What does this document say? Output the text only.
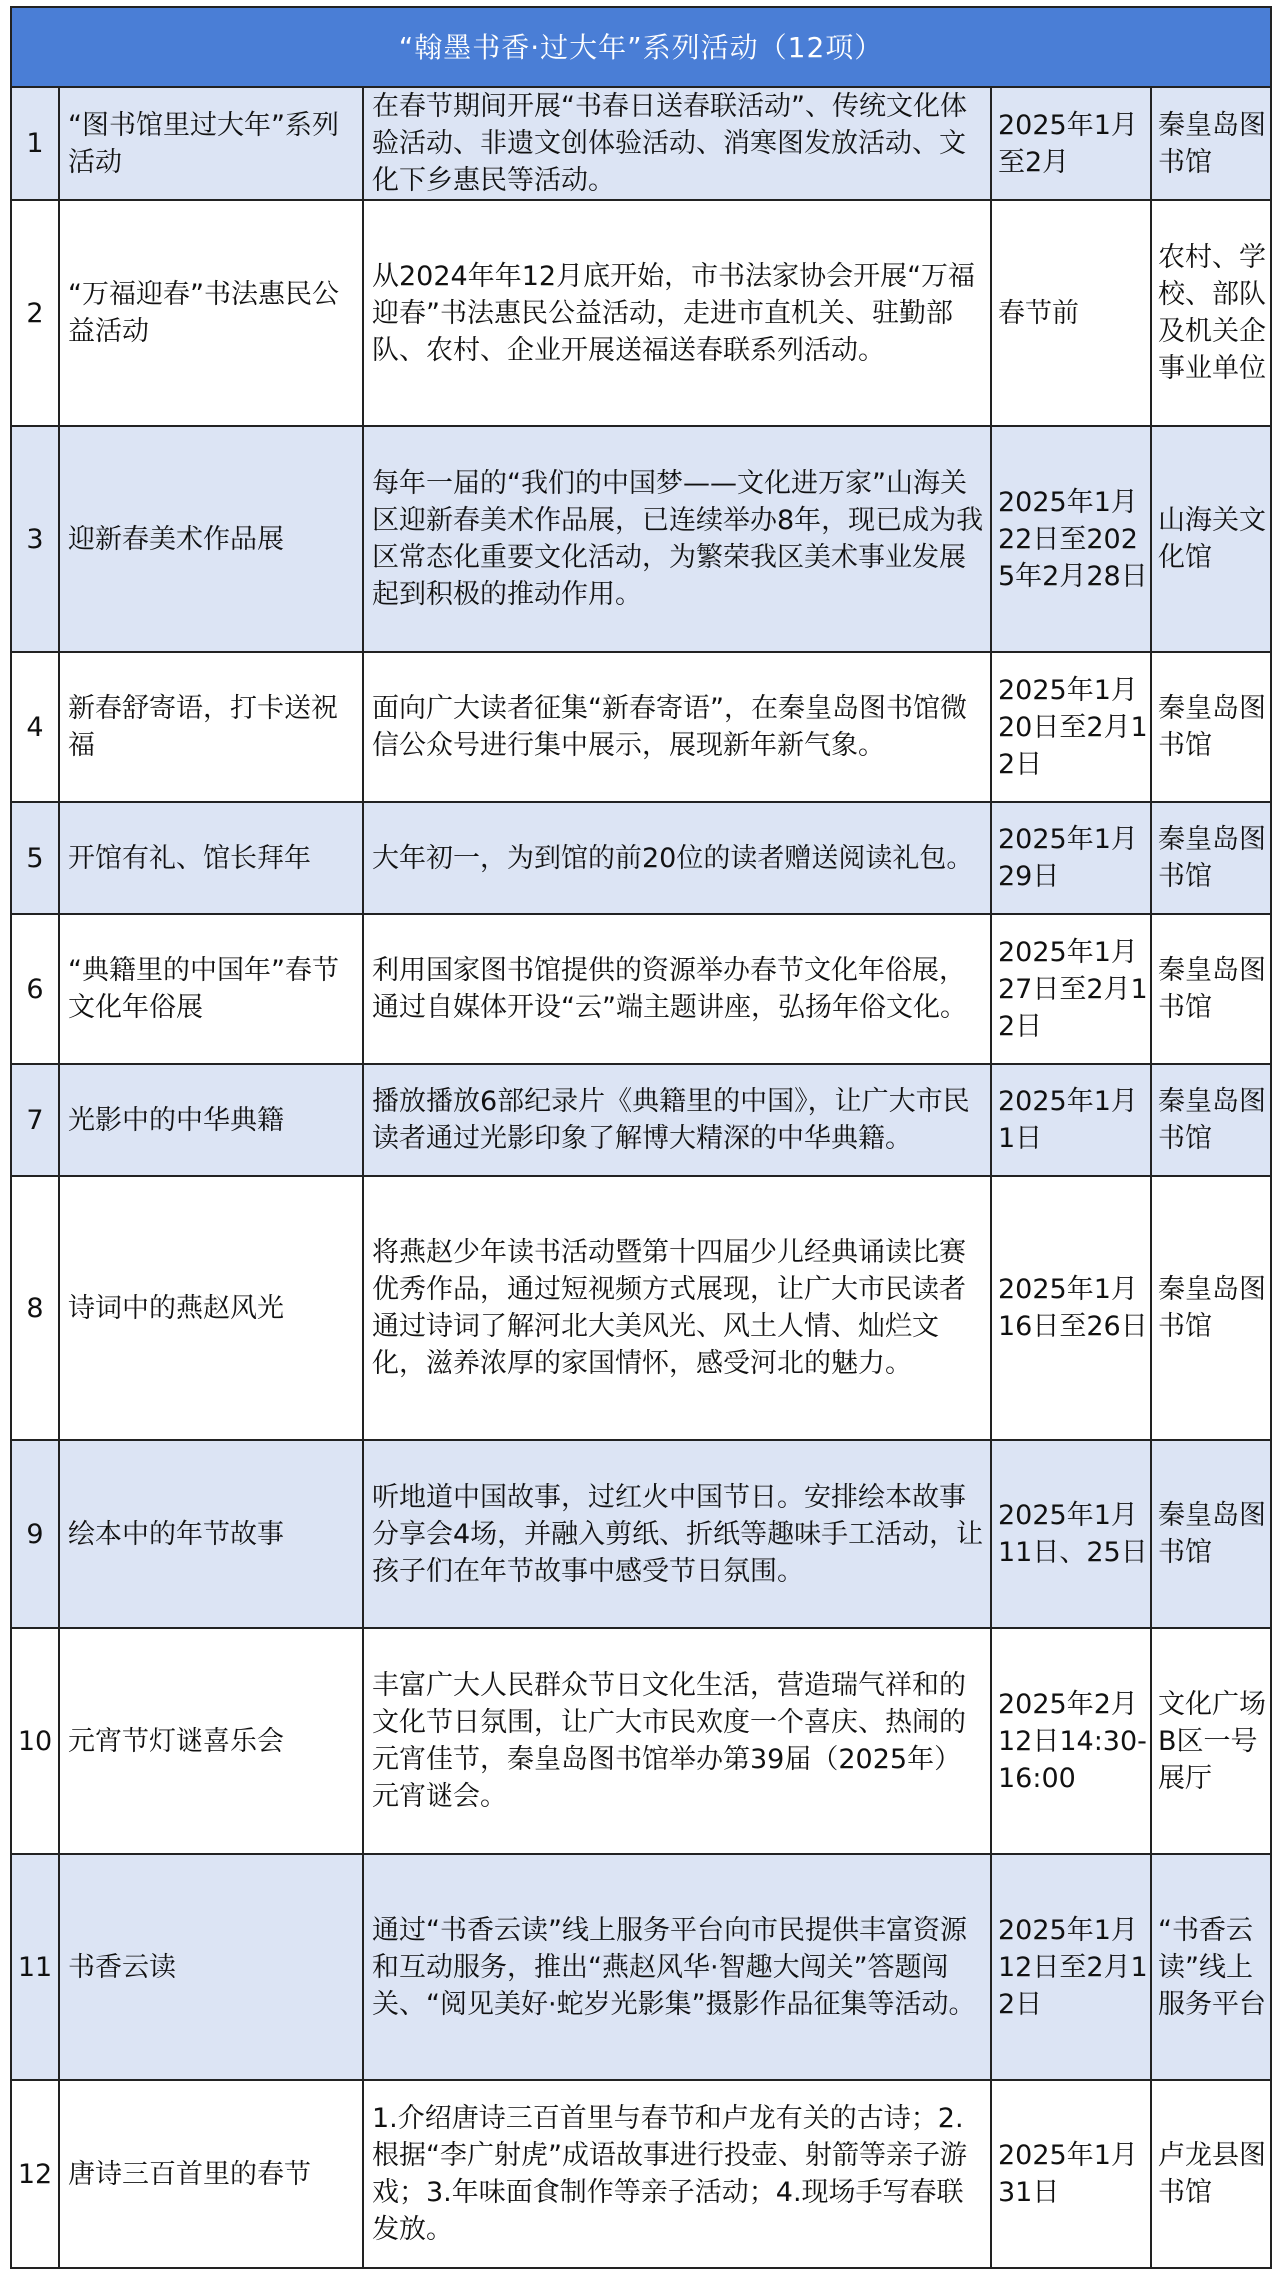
“翰墨书香·过大年”系列活动（12项）				
1	“图书馆里过大年”系列活动	在春节期间开展“书春日送春联活动”、传统文化体验活动、非遗文创体验活动、消寒图发放活动、文化下乡惠民等活动。	2025年1月至2月	秦皇岛图书馆
2	“万福迎春”书法惠民公益活动	从2024年年12月底开始，市书法家协会开展“万福迎春”书法惠民公益活动，走进市直机关、驻勤部队、农村、企业开展送福送春联系列活动。	春节前	农村、学校、部队及机关企事业单位
3	迎新春美术作品展	每年一届的“我们的中国梦——文化进万家”山海关区迎新春美术作品展，已连续举办8年，现已成为我区常态化重要文化活动，为繁荣我区美术事业发展起到积极的推动作用。	2025年1月22日至2025年2月28日	山海关文化馆
4	新春舒寄语，打卡送祝福	面向广大读者征集“新春寄语”，在秦皇岛图书馆微信公众号进行集中展示，展现新年新气象。	2025年1月20日至2月12日	秦皇岛图书馆
5	开馆有礼、馆长拜年	大年初一，为到馆的前20位的读者赠送阅读礼包。	2025年1月29日	秦皇岛图书馆
6	“典籍里的中国年”春节文化年俗展	利用国家图书馆提供的资源举办春节文化年俗展，通过自媒体开设“云”端主题讲座，弘扬年俗文化。	2025年1月27日至2月12日	秦皇岛图书馆
7	光影中的中华典籍	播放播放6部纪录片《典籍里的中国》，让广大市民读者通过光影印象了解博大精深的中华典籍。	2025年1月1日	秦皇岛图书馆
8	诗词中的燕赵风光	将燕赵少年读书活动暨第十四届少儿经典诵读比赛优秀作品，通过短视频方式展现，让广大市民读者通过诗词了解河北大美风光、风土人情、灿烂文化，滋养浓厚的家国情怀，感受河北的魅力。	2025年1月16日至26日	秦皇岛图书馆
9	绘本中的年节故事	听地道中国故事，过红火中国节日。安排绘本故事分享会4场，并融入剪纸、折纸等趣味手工活动，让孩子们在年节故事中感受节日氛围。	2025年1月11日、25日	秦皇岛图书馆
10	元宵节灯谜喜乐会	丰富广大人民群众节日文化生活，营造瑞气祥和的文化节日氛围，让广大市民欢度一个喜庆、热闹的元宵佳节，秦皇岛图书馆举办第39届（2025年）元宵谜会。	2025年2月12日14:30-16:00	文化广场B区一号展厅
11	书香云读	通过“书香云读”线上服务平台向市民提供丰富资源和互动服务，推出“燕赵风华·智趣大闯关”答题闯关、“阅见美好·蛇岁光影集”摄影作品征集等活动。	2025年1月12日至2月12日	“书香云读”线上服务平台
12	唐诗三百首里的春节	1.介绍唐诗三百首里与春节和卢龙有关的古诗；2.根据“李广射虎”成语故事进行投壶、射箭等亲子游戏；3.年味面食制作等亲子活动；4.现场手写春联发放。	2025年1月31日	卢龙县图书馆
